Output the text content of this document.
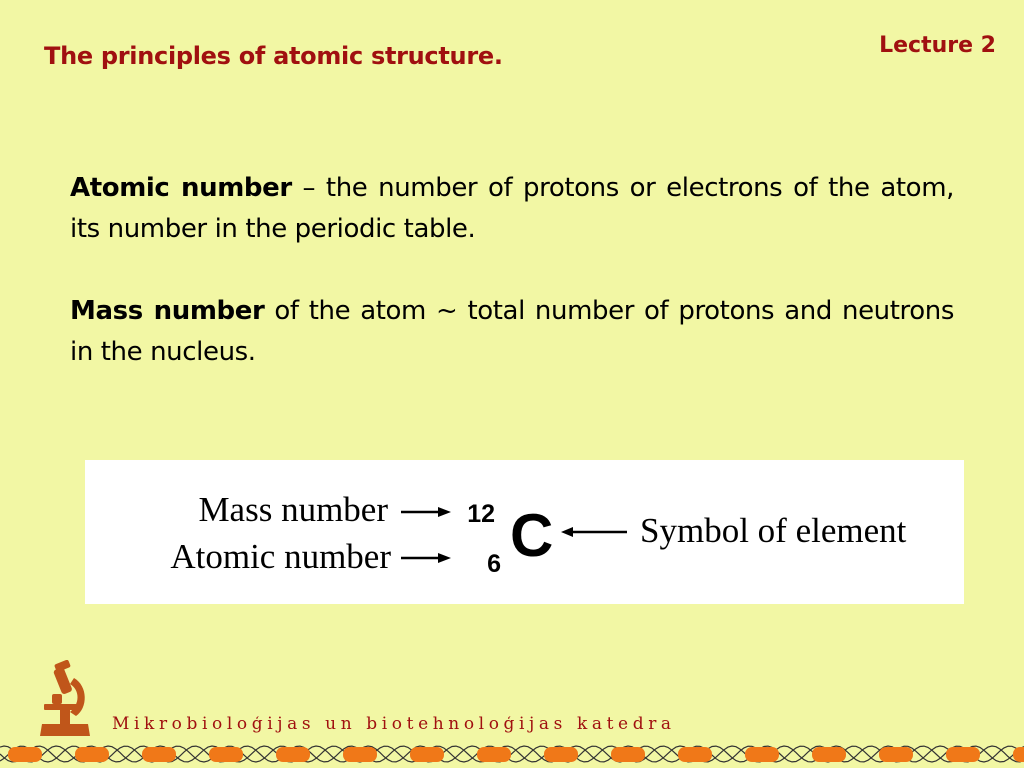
The principles of atomic structure.	Lecture 2

Atomic number – the number of protons or electrons of the atom, its number in the periodic table.

Mass number of the atom ~ total number of protons and neutrons in the nucleus.

Mass number
Atomic number
12
6 C Symbol of element
Mikrobioloģijas un biotehnoloģijas katedra
